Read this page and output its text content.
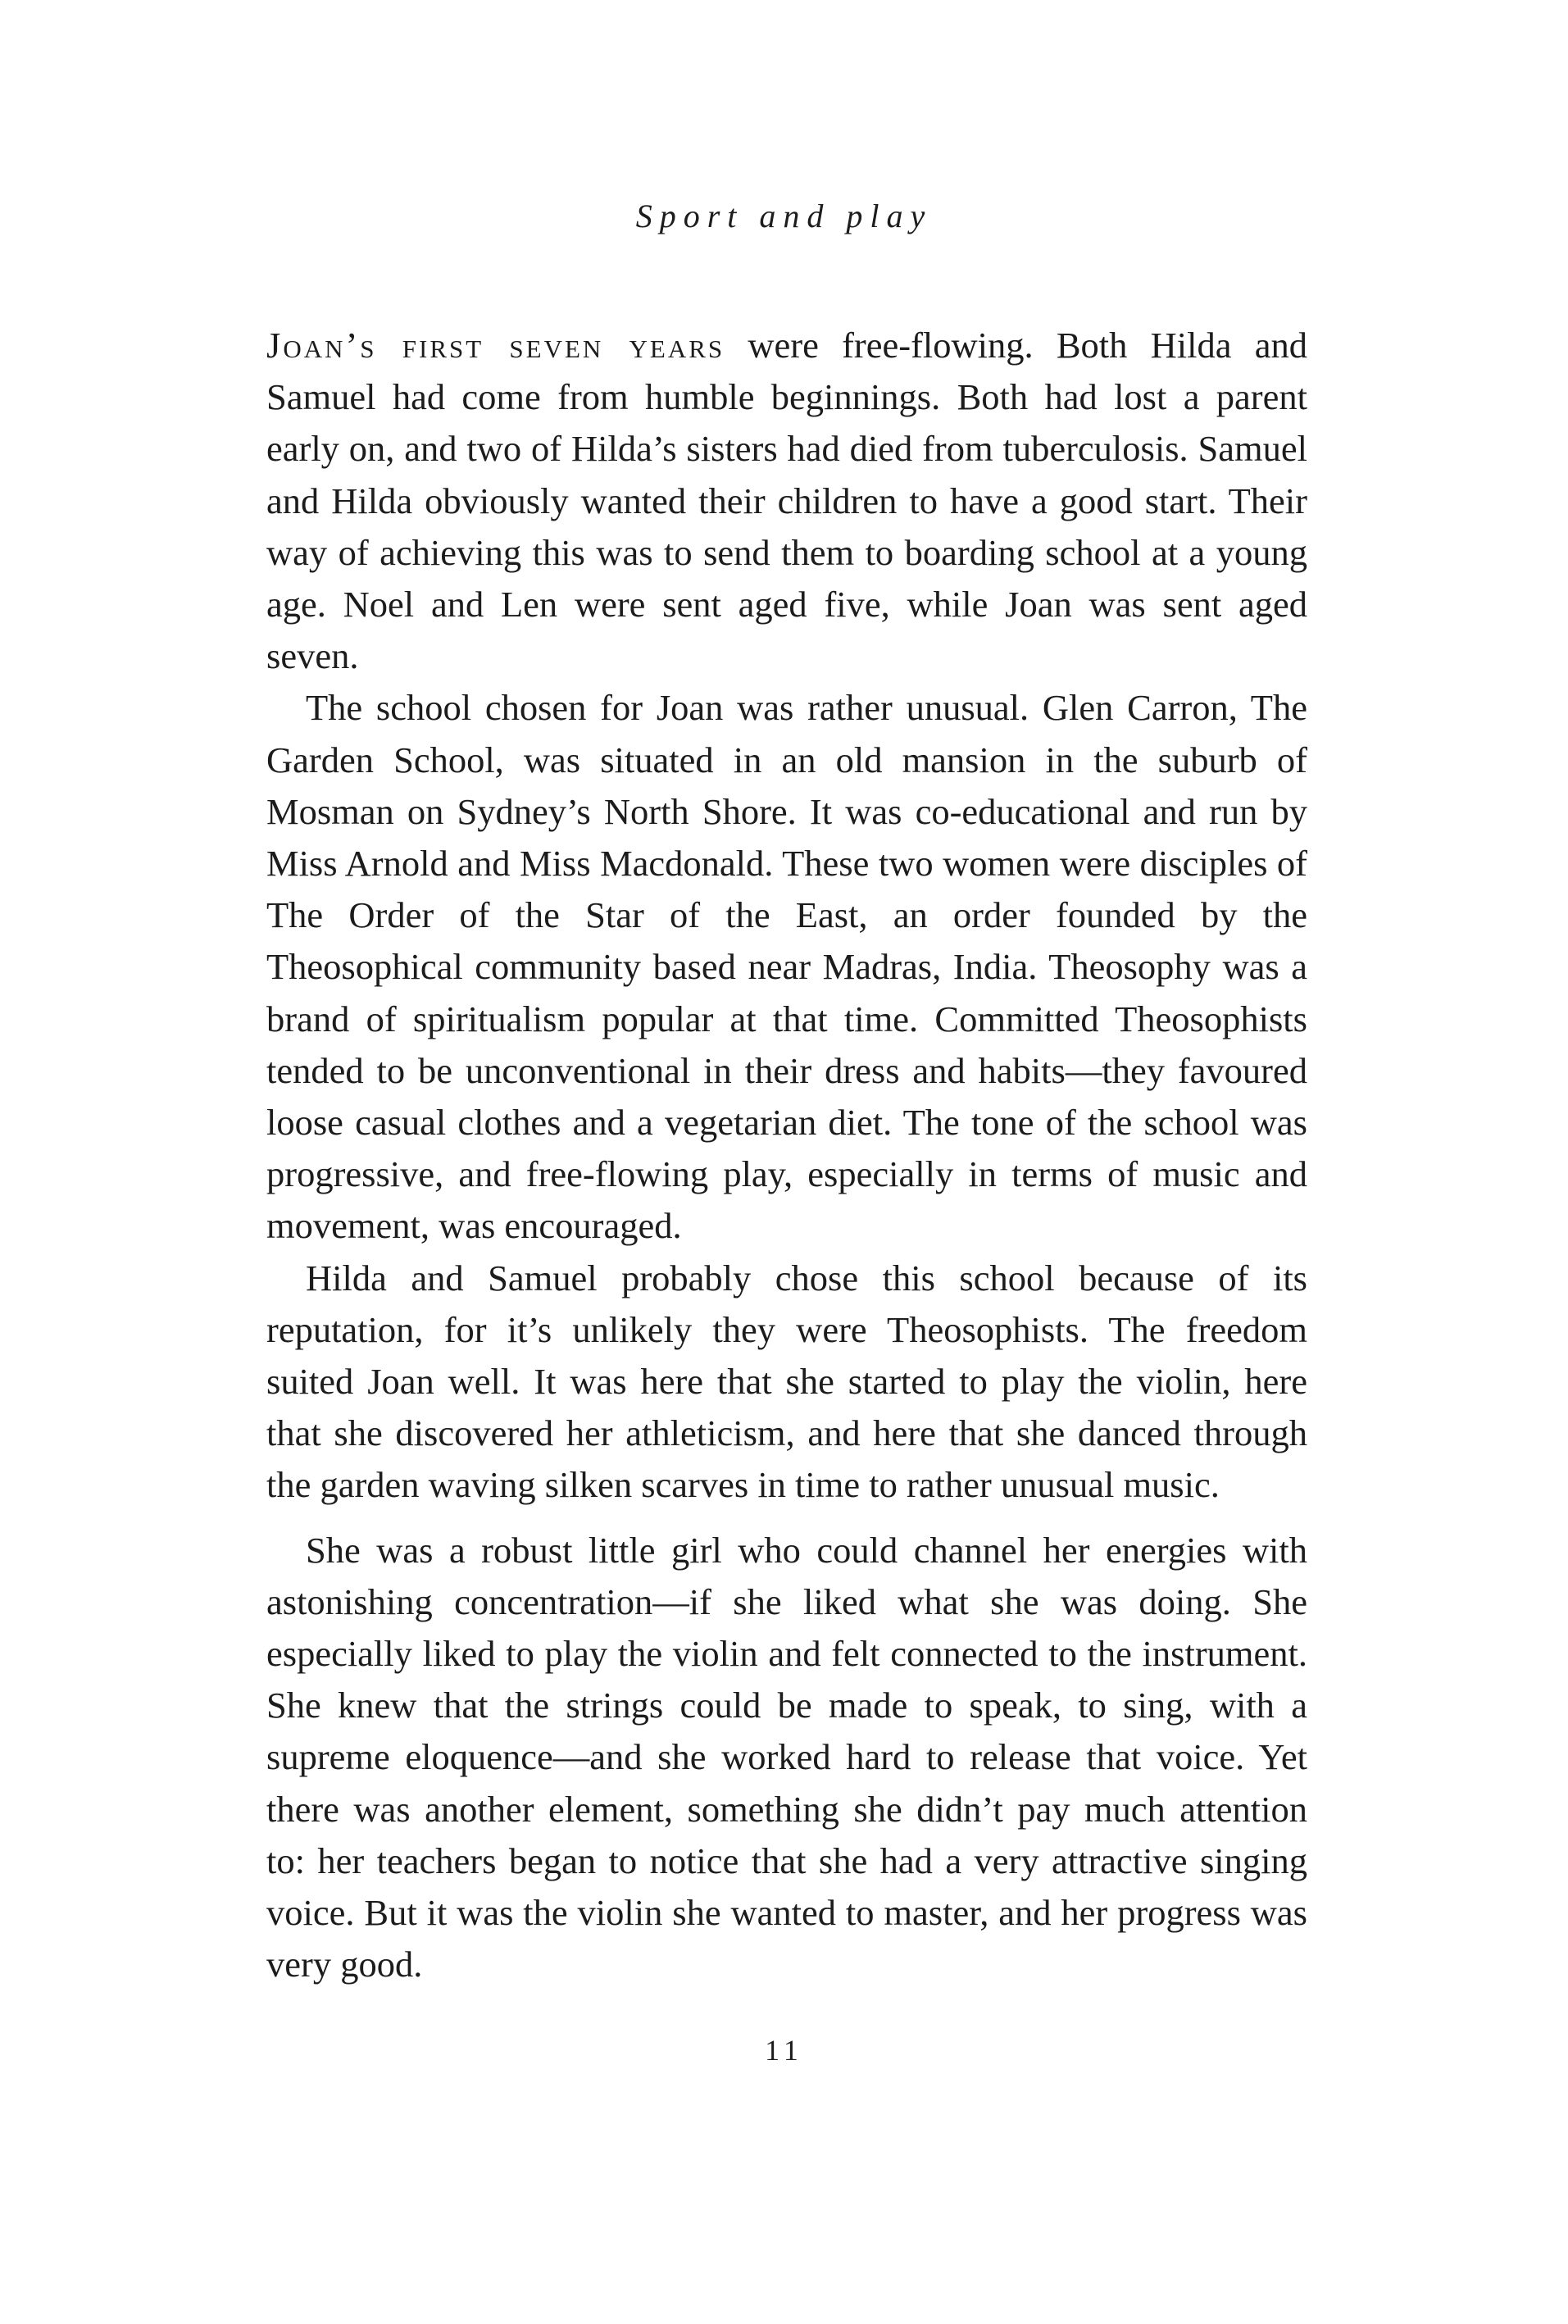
Sport and play

Joan’s first seven years were free-flowing. Both Hilda and Samuel had come from humble beginnings. Both had lost a parent early on, and two of Hilda’s sisters had died from tuberculosis. Samuel and Hilda obviously wanted their children to have a good start. Their way of achieving this was to send them to boarding school at a young age. Noel and Len were sent aged five, while Joan was sent aged seven.

The school chosen for Joan was rather unusual. Glen Carron, The Garden School, was situated in an old mansion in the suburb of Mosman on Sydney’s North Shore. It was co-educational and run by Miss Arnold and Miss Macdonald. These two women were disciples of The Order of the Star of the East, an order founded by the Theosophical community based near Madras, India. Theosophy was a brand of spiritualism popular at that time. Committed Theosophists tended to be unconventional in their dress and habits—they favoured loose casual clothes and a vegetarian diet. The tone of the school was progressive, and free-flowing play, especially in terms of music and movement, was encouraged.

Hilda and Samuel probably chose this school because of its reputation, for it’s unlikely they were Theosophists. The freedom suited Joan well. It was here that she started to play the violin, here that she discovered her athleticism, and here that she danced through the garden waving silken scarves in time to rather unusual music.

She was a robust little girl who could channel her energies with astonishing concentration—if she liked what she was doing. She especially liked to play the violin and felt connected to the instrument. She knew that the strings could be made to speak, to sing, with a supreme eloquence—and she worked hard to release that voice. Yet there was another element, something she didn’t pay much attention to: her teachers began to notice that she had a very attractive singing voice. But it was the violin she wanted to master, and her progress was very good.

11
